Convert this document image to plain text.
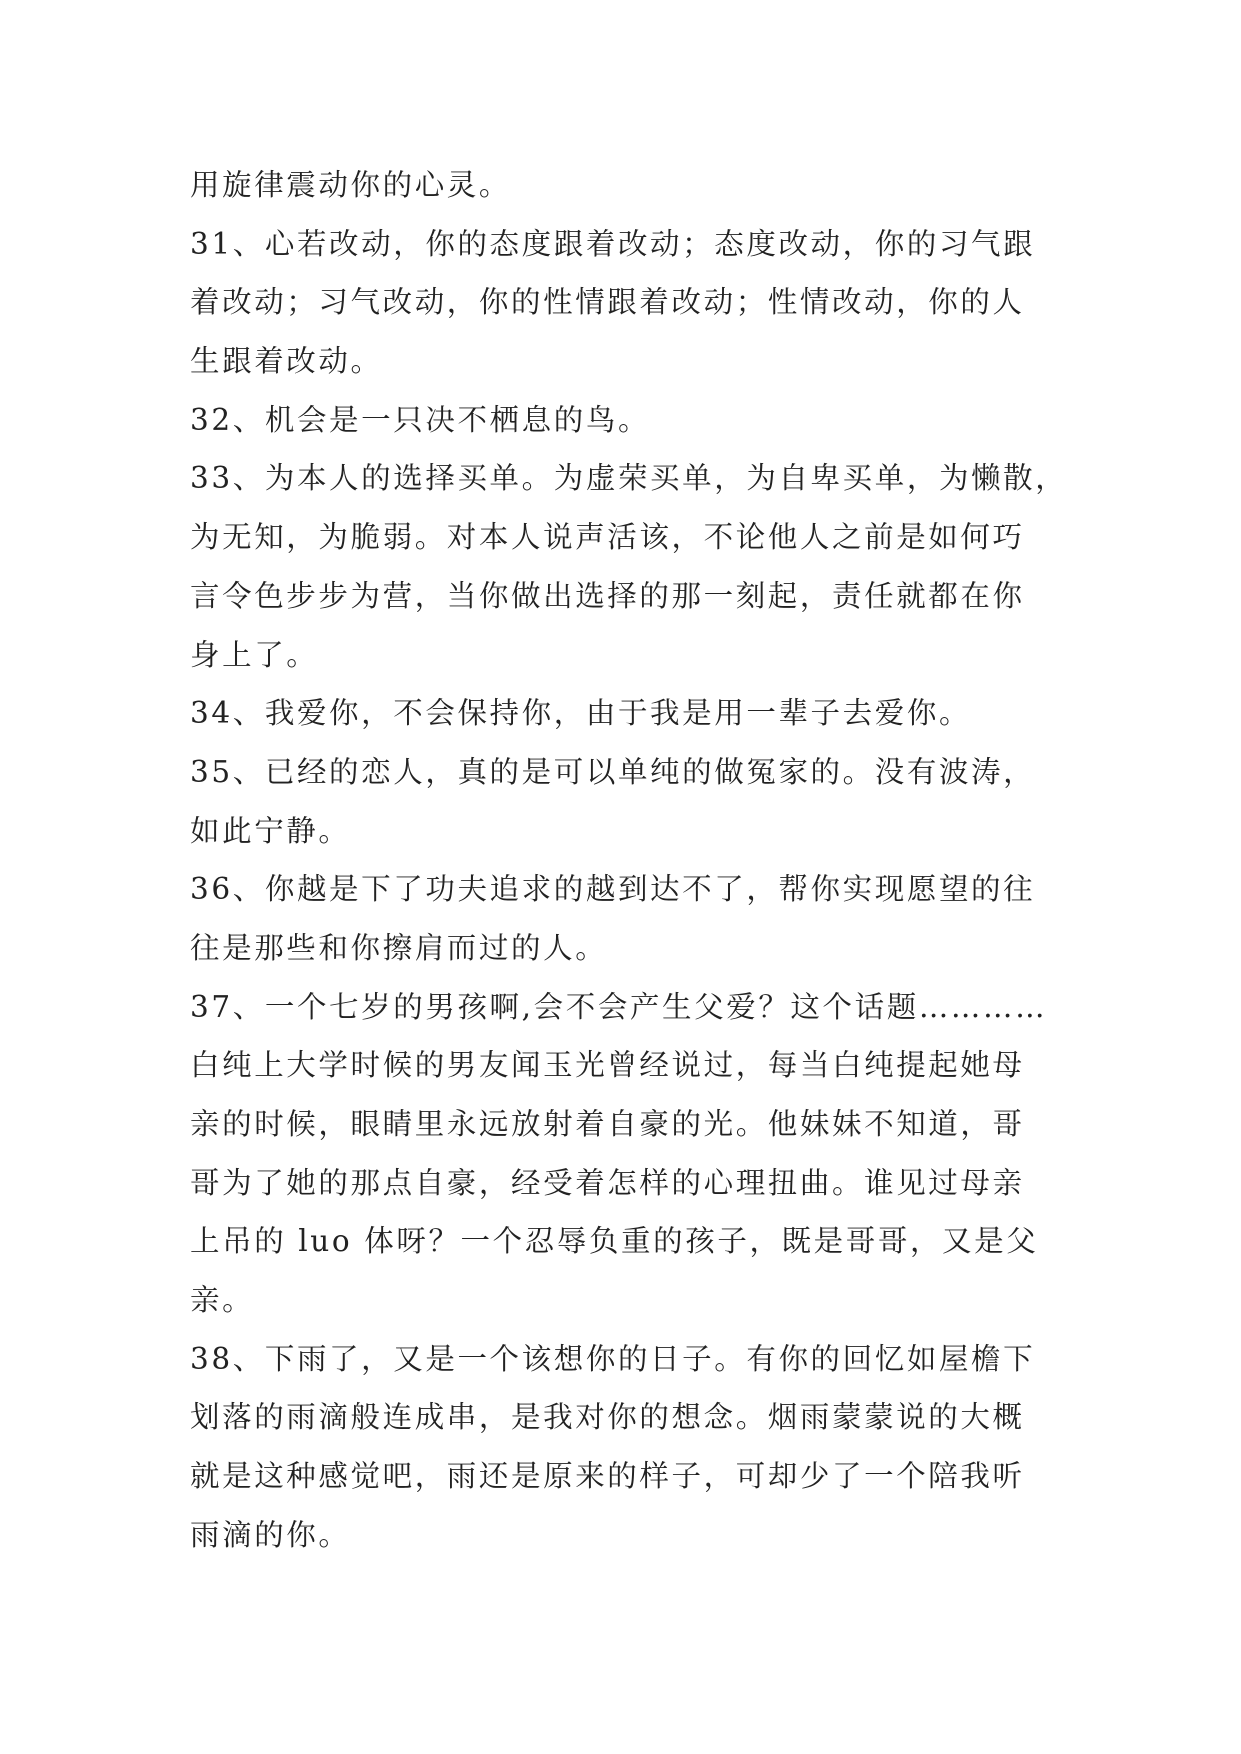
用旋律震动你的心灵。
31、心若改动，你的态度跟着改动；态度改动，你的习气跟
着改动；习气改动，你的性情跟着改动；性情改动，你的人
生跟着改动。
32、机会是一只决不栖息的鸟。
33、为本人的选择买单。为虚荣买单，为自卑买单，为懒散，
为无知，为脆弱。对本人说声活该，不论他人之前是如何巧
言令色步步为营，当你做出选择的那一刻起，责任就都在你
身上了。
34、我爱你，不会保持你，由于我是用一辈子去爱你。
35、已经的恋人，真的是可以单纯的做冤家的。没有波涛，
如此宁静。
36、你越是下了功夫追求的越到达不了，帮你实现愿望的往
往是那些和你擦肩而过的人。
37、一个七岁的男孩啊,会不会产生父爱？这个话题…………
白纯上大学时候的男友闻玉光曾经说过，每当白纯提起她母
亲的时候，眼睛里永远放射着自豪的光。他妹妹不知道，哥
哥为了她的那点自豪，经受着怎样的心理扭曲。谁见过母亲
上吊的 luo 体呀？一个忍辱负重的孩子，既是哥哥，又是父
亲。
38、下雨了，又是一个该想你的日子。有你的回忆如屋檐下
划落的雨滴般连成串，是我对你的想念。烟雨蒙蒙说的大概
就是这种感觉吧，雨还是原来的样子，可却少了一个陪我听
雨滴的你。
